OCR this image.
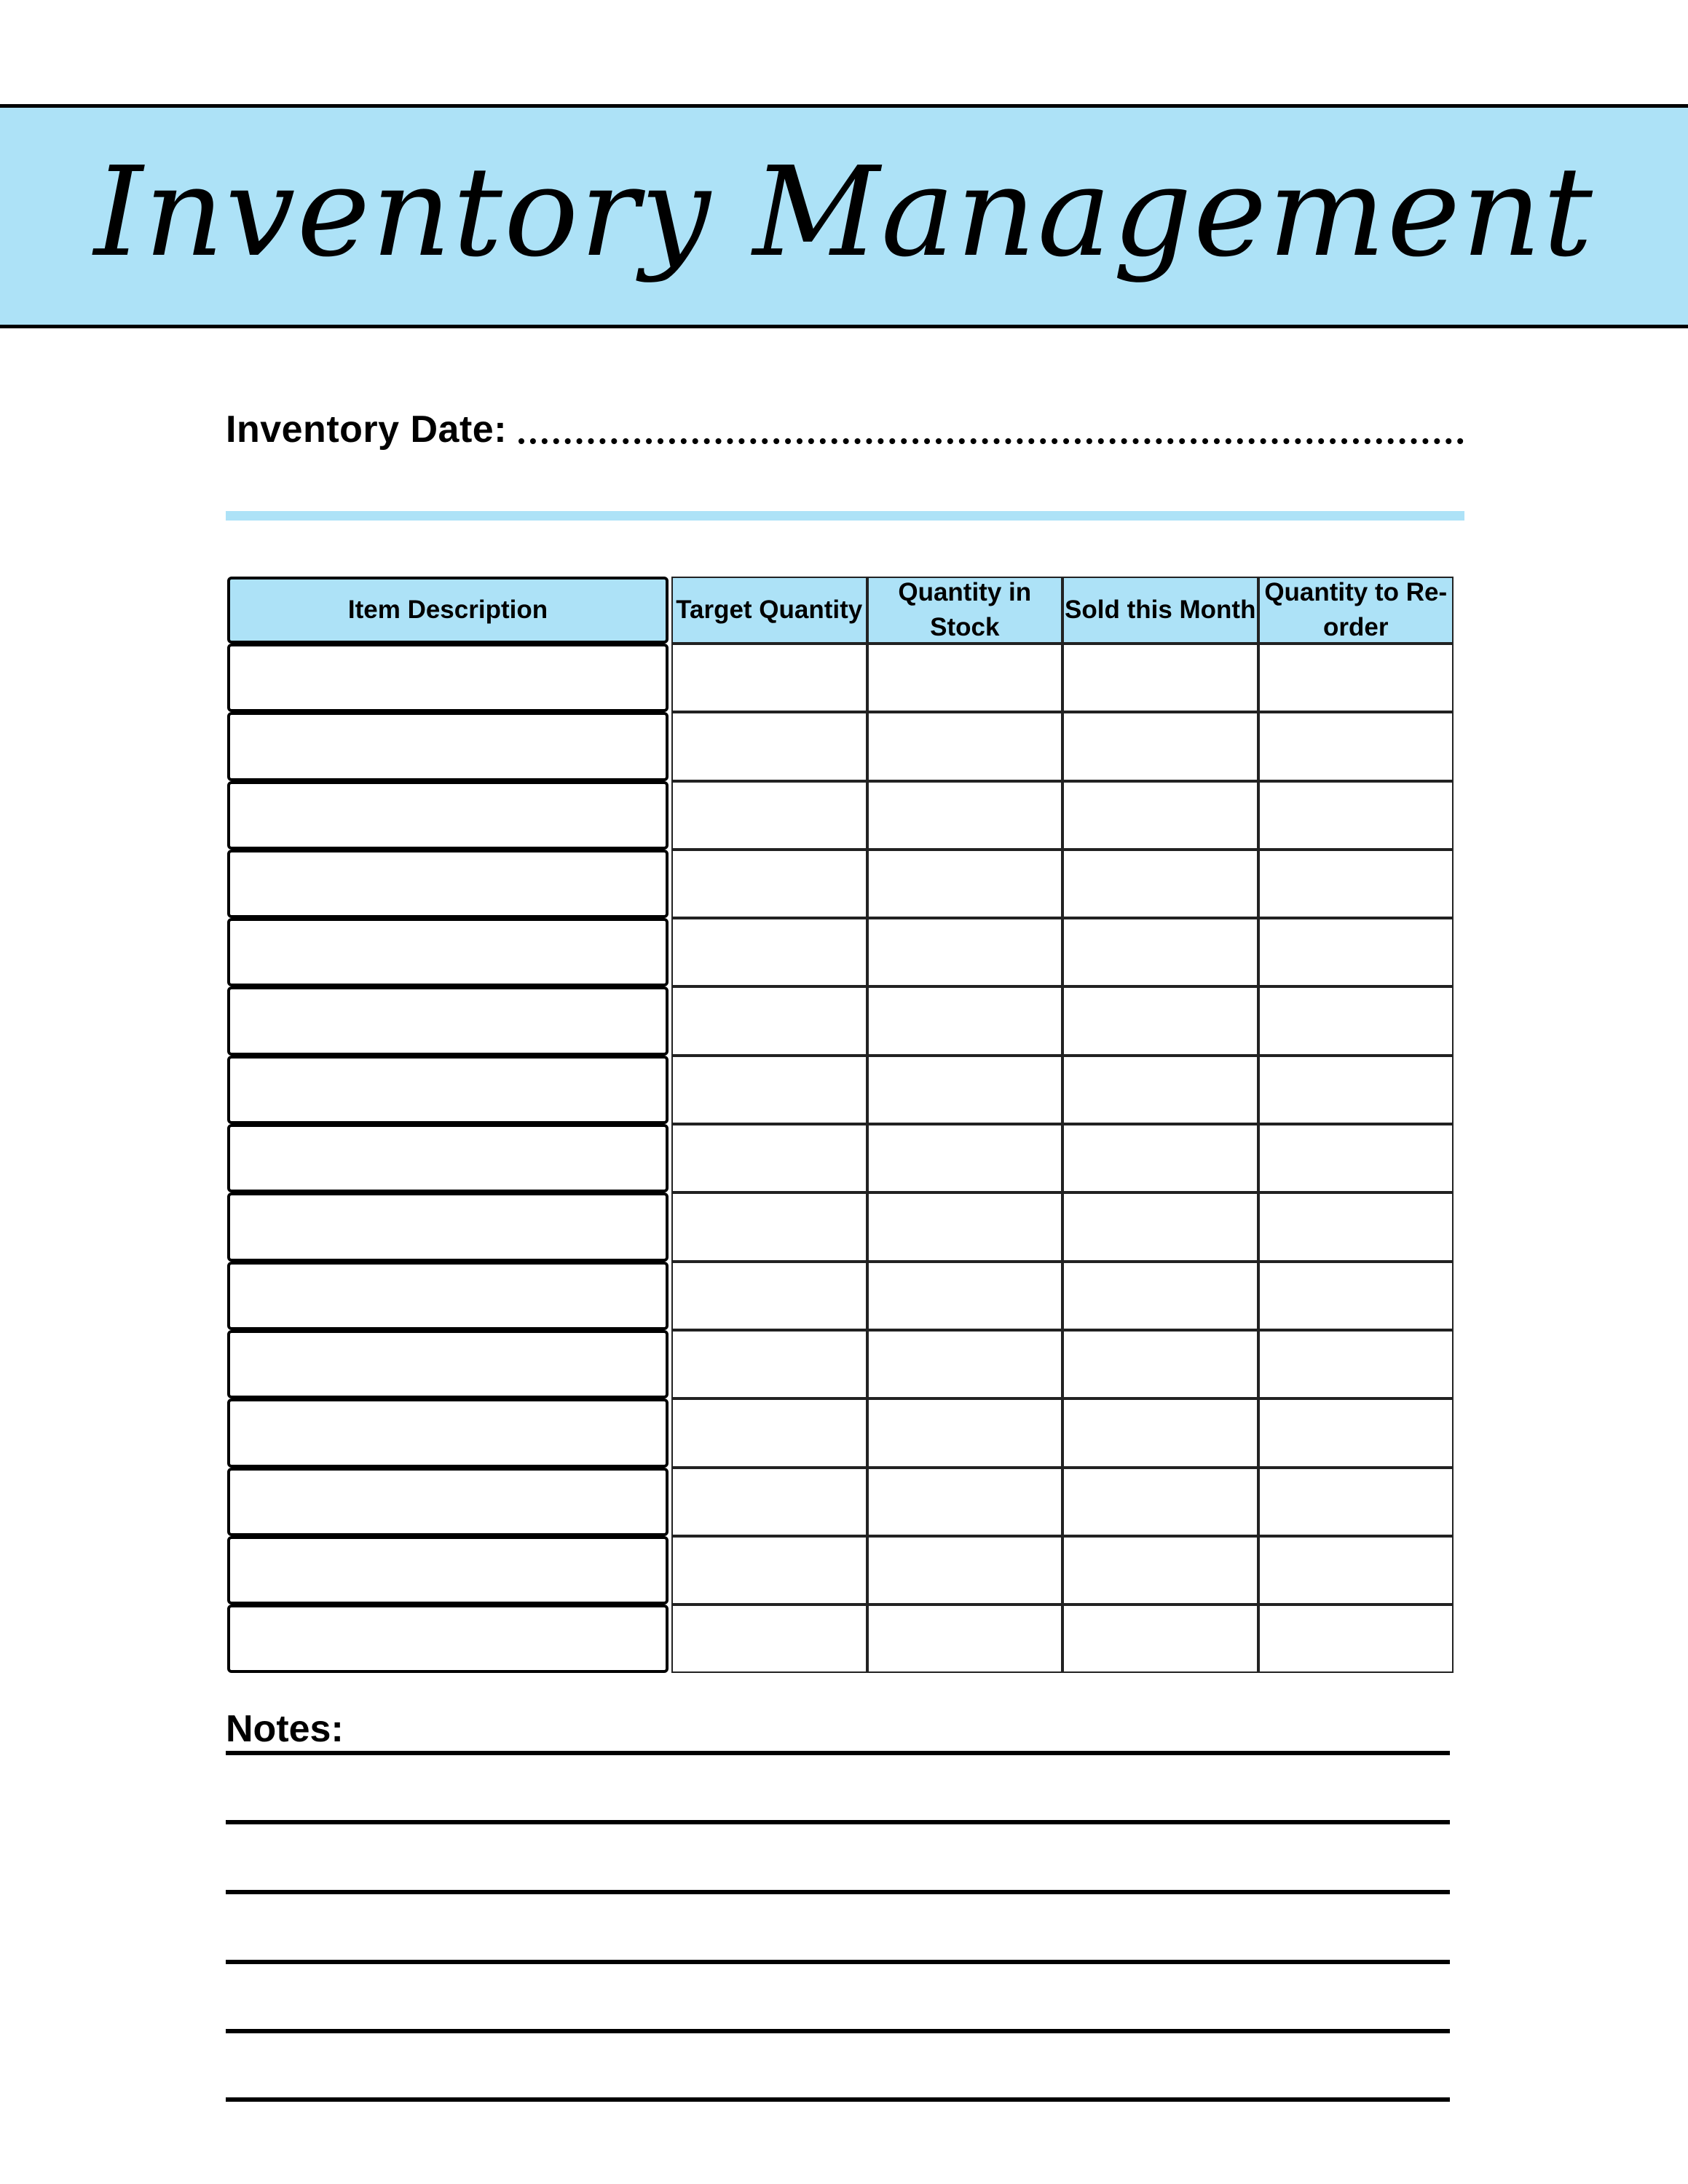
Inventory Management
Inventory Date:
Item Description	Target Quantity
Quantity in Stock
Sold this Month
Quantity to Re-order
Notes:
